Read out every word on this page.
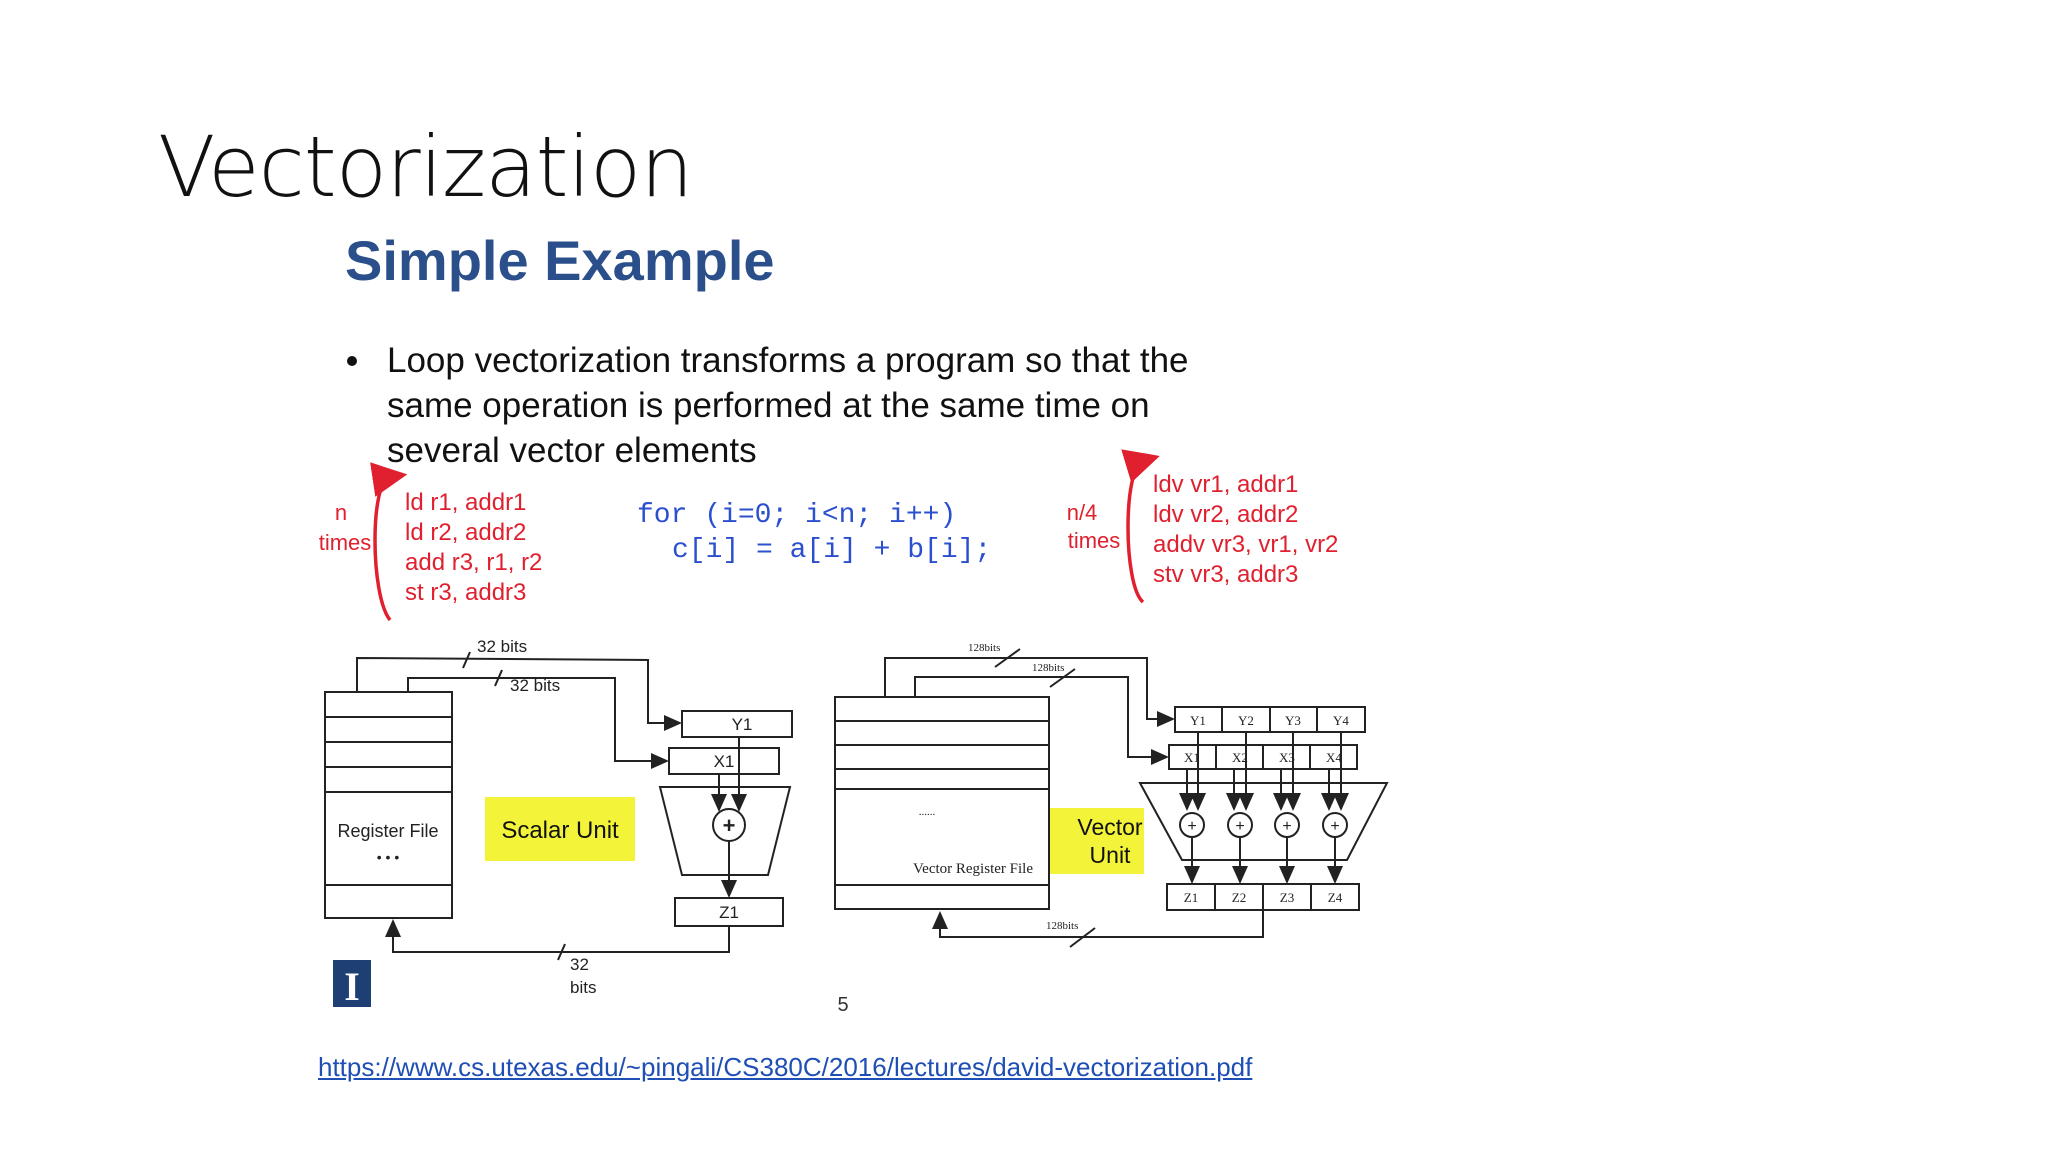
Vectorization
Simple Example
Loop vectorization transforms a program so that the
same operation is performed at the same time on
several vector elements
n
times
ld r1, addr1
ld r2, addr2
add r3, r1, r2
st r3, addr3
for (i=0; i<n; i++)
c[i] = a[i] + b[i];
n/4
times
ldv vr1, addr1
ldv vr2, addr2
addv vr3, vr1, vr2
stv vr3, addr3
Scalar Unit
Register File
• • •
Y1
X1
Z1
+
32 bits
32 bits
32
bits
Vector
Unit
Vector Register File
......
128bits
128bits
128bits
Y1 Y2 Y3 Y4
X1 X2 X3 X4
Z1	Z2	Z3	Z4
+ + + +
I	5
https://www.cs.utexas.edu/~pingali/CS380C/2016/lectures/david-vectorization.pdf
